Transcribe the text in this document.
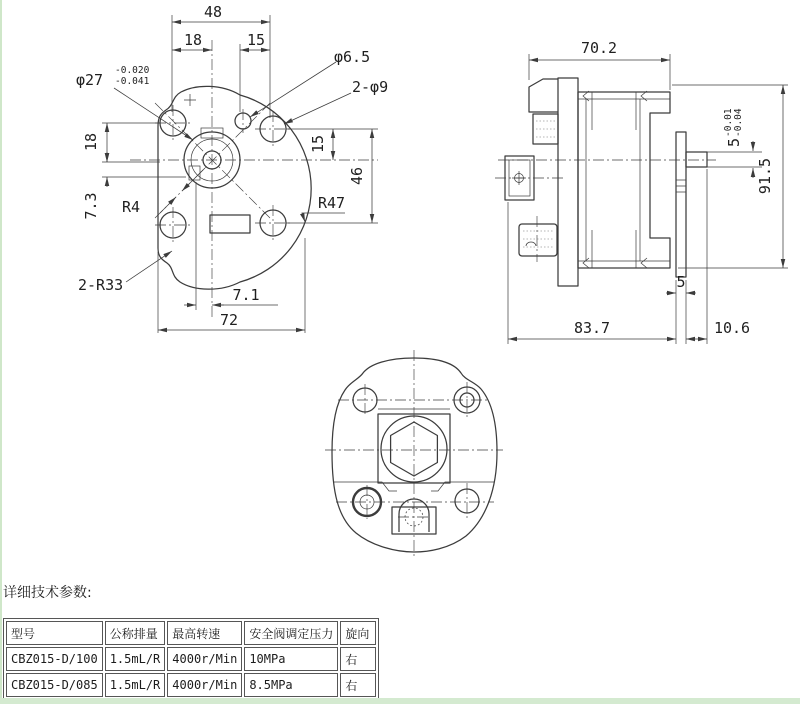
48
18	15
φ27
-0.020
-0.041
φ6.5
2-φ9
18
7.3 R4
15
46
R47
2-R33
7.1
72
5
-0.01 -0.04
70.2
91.5
5
83.7	10.6
详细技术参数:
型号	公称排量	最高转速	安全阀调定压力	旋向
CBZ015-D/100	1.5mL/R	4000r/Min	10MPa	右
CBZ015-D/085	1.5mL/R	4000r/Min	8.5MPa	右
